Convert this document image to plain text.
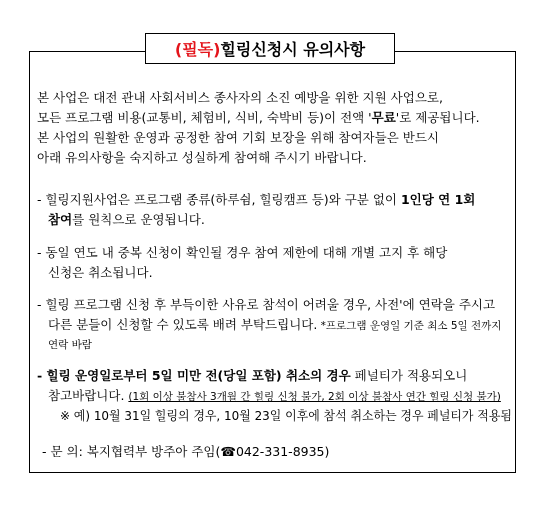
(필독) 힐링신청시 유의사항
본 사업은 대전 관내 사회서비스 종사자의 소진 예방을 위한 지원 사업으로,
모든 프로그램 비용(교통비, 체험비, 식비, 숙박비 등)이 전액 '무료'로 제공됩니다.
본 사업의 원활한 운영과 공정한 참여 기회 보장을 위해 참여자들은 반드시
아래 유의사항을 숙지하고 성실하게 참여해 주시기 바랍니다.
- 힐링지원사업은 프로그램 종류(하루쉼, 힐링캠프 등)와 구분 없이 1인당 연 1회
참여를 원칙으로 운영됩니다.
- 동일 연도 내 중복 신청이 확인될 경우 참여 제한에 대해 개별 고지 후 해당
신청은 취소됩니다.
- 힐링 프로그램 신청 후 부득이한 사유로 참석이 어려울 경우, 사전'에 연락을 주시고
다른 분들이 신청할 수 있도록 배려 부탁드립니다. *프로그램 운영일 기준 최소 5일 전까지
연락 바람
- 힐링 운영일로부터 5일 미만 전(당일 포함) 취소의 경우 페널티가 적용되오니
참고바랍니다. (1회 이상 불참사 3개월 간 힐링 신청 불가, 2회 이상 불참사 연간 힐링 신청 불가)
※ 예) 10월 31일 힐링의 경우, 10월 23일 이후에 참석 취소하는 경우 페널티가 적용됨
- 문 의: 복지협력부 방주아 주임(☎042-331-8935)
